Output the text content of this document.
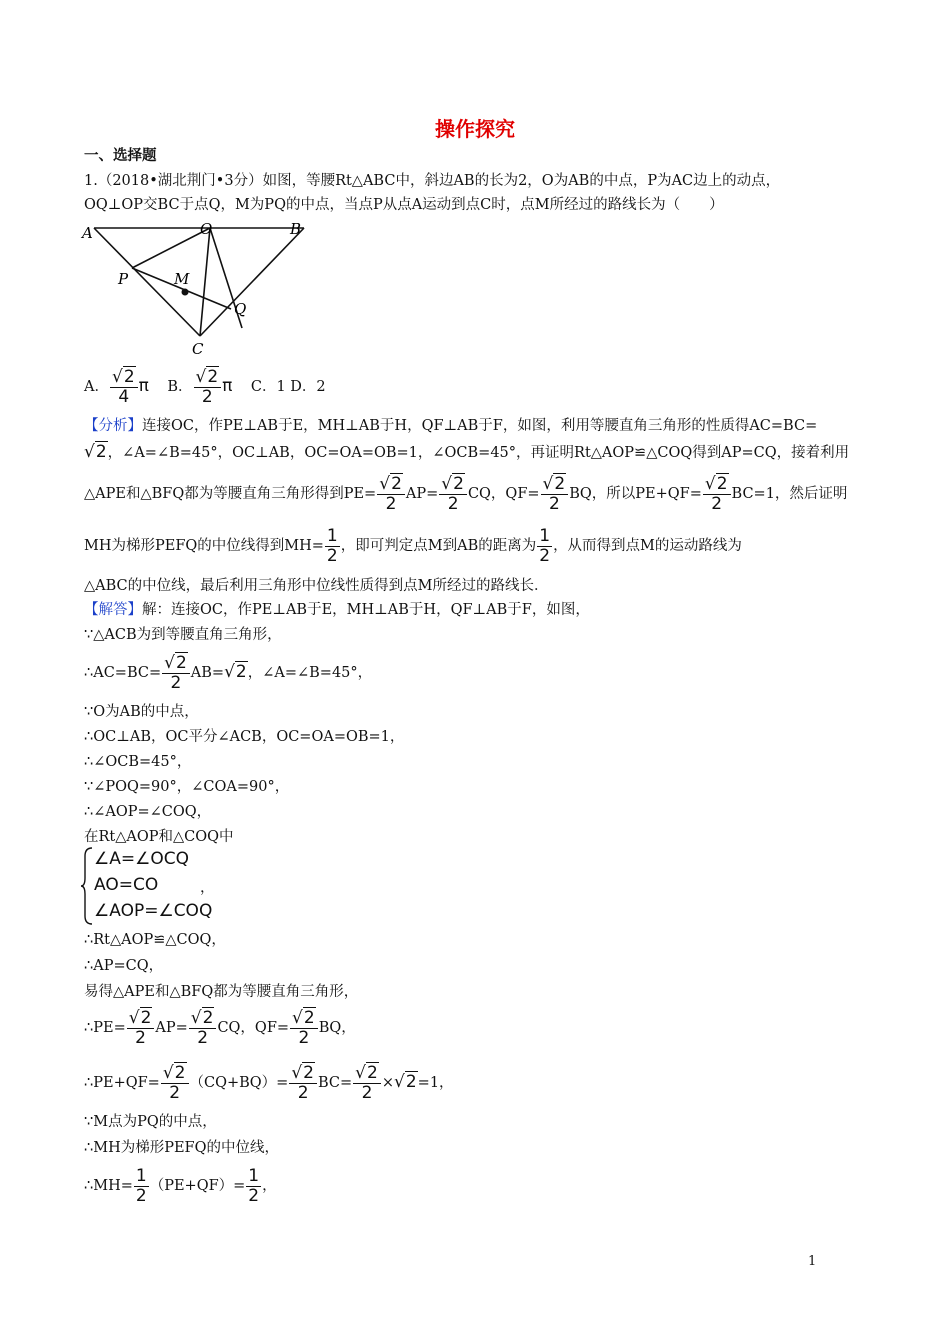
操作探究
一、选择题
1.（2018•湖北荆门•3分）如图，等腰Rt△ABC中，斜边AB的长为2，O为AB的中点，P为AC边上的动点，
OQ⊥OP交BC于点Q，M为PQ的中点，当点P从点A运动到点C时，点M所经过的路线长为（　　）
A	O	B
P	M
Q
C
A． $\frac{√2}{4}$ π B． $\frac{√2}{2}$ π C．1 D．2
【分析】连接OC，作PE⊥AB于E，MH⊥AB于H，QF⊥AB于F，如图，利用等腰直角三角形的性质得AC=BC=
√2，∠A=∠B=45°，OC⊥AB，OC=OA=OB=1，∠OCB=45°，再证明Rt△AOP≌△COQ得到AP=CQ，接着利用
△APE和△BFQ都为等腰直角三角形得到$PE= \frac{√2}{2} AP= \frac{√2}{2}$ CQ，$QF= \frac{√2}{2}$ BQ，所以$PE+QF= \frac{√2}{2} BC=1$，然后证明
MH为梯形PEFQ的中位线得到$MH= \frac{1}{2}$ ，即可判定点M到AB的距离为 $\frac{1}{2}$ ，从而得到点M的运动路线为
△ABC的中位线，最后利用三角形中位线性质得到点M所经过的路线长．
【解答】解：连接OC，作PE⊥AB于E，MH⊥AB于H，QF⊥AB于F，如图，
∵△ACB为到等腰直角三角形，
∴AC=BC= $\frac{√2}{2} AB=√2$，∠A=∠B=45°，
∵O为AB的中点，
∴OC⊥AB，OC平分∠ACB，OC=OA=OB=1，
∴∠OCB=45°，
∵∠POQ=90°，∠COA=90°，
∴∠AOP=∠COQ，
在Rt△AOP和△COQ中
∠A=∠OCQ
AO=CO
∠AOP=∠COQ
，
∴Rt△AOP≌△COQ，
∴AP=CQ，
易得△APE和△BFQ都为等腰直角三角形，
∴PE= $\frac{√2}{2} AP= \frac{√2}{2}$ CQ，$QF= \frac{√2}{2}$ BQ，
∴PE+QF= $\frac{√2}{2} (CQ+BQ)= \frac{√2}{2} BC= \frac{√2}{2} \times√2=1$，
∵M点为PQ的中点，
∴MH为梯形PEFQ的中位线，
∴MH= $\frac{1}{2} (PE+QF)= \frac{1}{2}$ ，
1
